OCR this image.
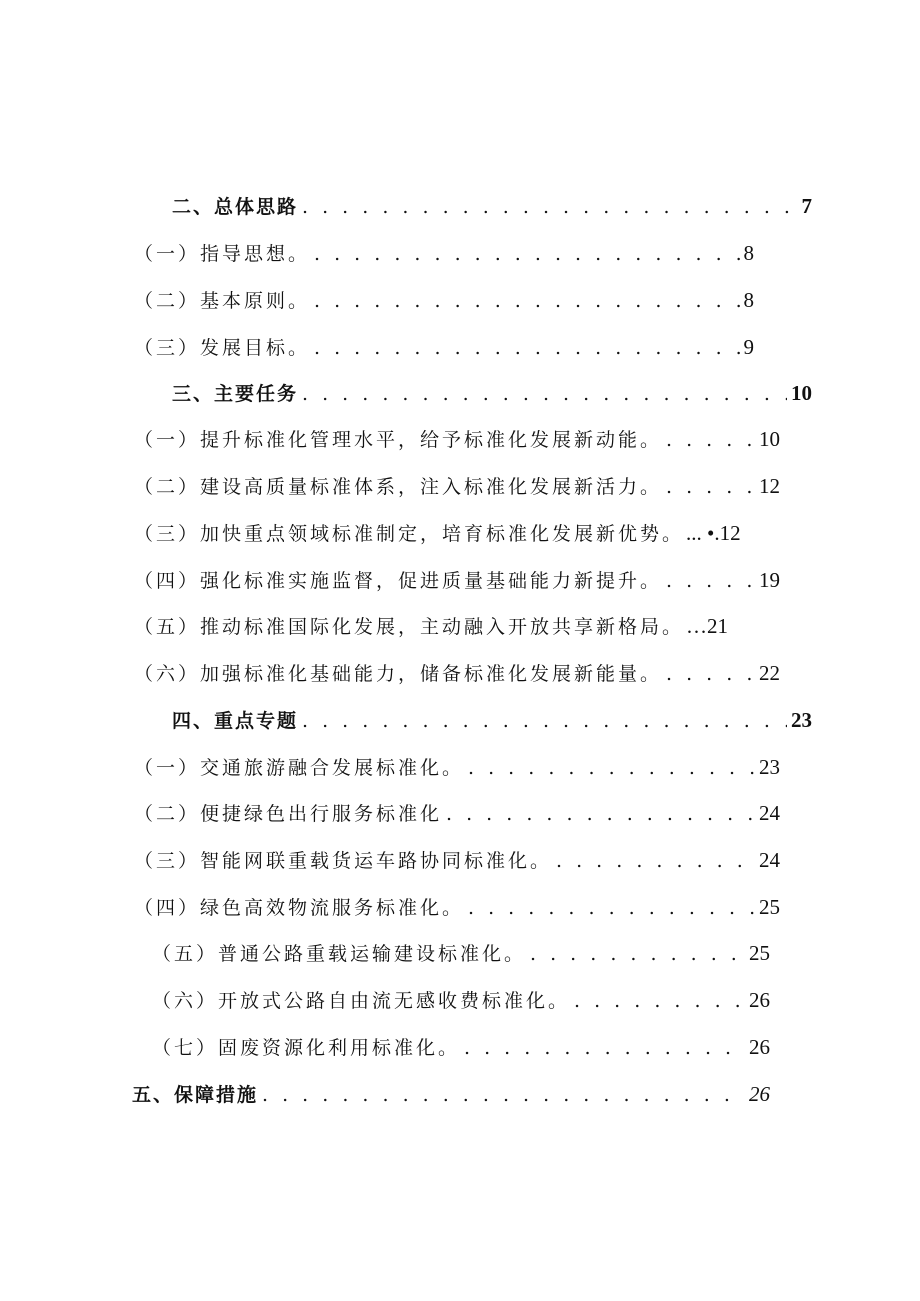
二、总体思路 . . .	7
（一）指导思想。 . . .	8
（二）基本原则。 . . .	8
（三）发展目标。 . . .	9
三、主要任务 . . .	10
（一）提升标准化管理水平，给予标准化发展新动能。 . . .	10
（二）建设高质量标准体系，注入标准化发展新活力。 . . .	12
（三）加快重点领域标准制定，培育标准化发展新优势。 ... •.12
（四）强化标准实施监督，促进质量基础能力新提升。 . . .	19
（五）推动标准国际化发展，主动融入开放共享新格局。 …21
（六）加强标准化基础能力，储备标准化发展新能量。 . . .	22
四、重点专题 . . .	23
（一）交通旅游融合发展标准化。 . . .	23
（二）便捷绿色出行服务标准化 . . .	24
（三）智能网联重载货运车路协同标准化。 . . .	24
（四）绿色高效物流服务标准化。 . . .	25
（五）普通公路重载运输建设标准化。 . . .	25
（六）开放式公路自由流无感收费标准化。 . . .	26
（七）固废资源化利用标准化。 . . .	26
五、保障措施 . . .	26
